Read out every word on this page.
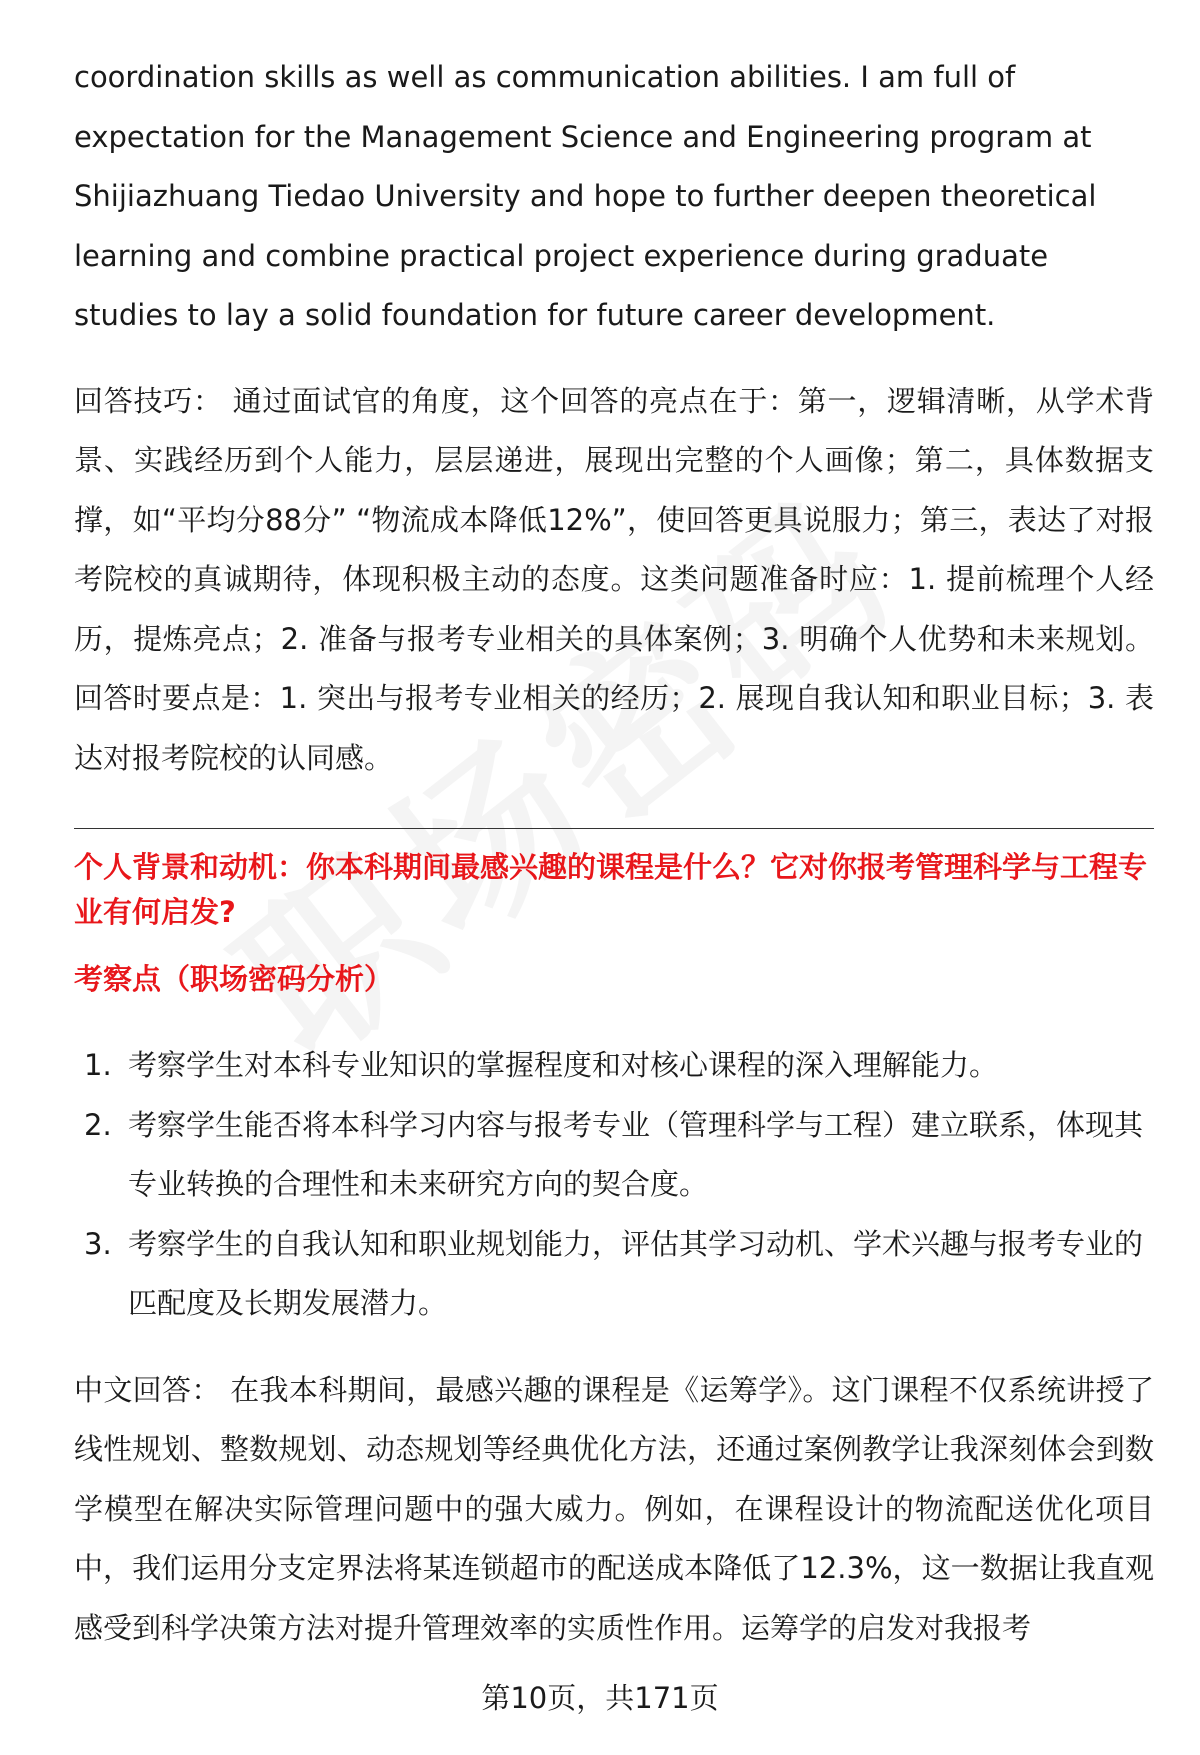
coordination skills as well as communication abilities. I am full of expectation for the Management Science and Engineering program at Shijiazhuang Tiedao University and hope to further deepen theoretical learning and combine practical project experience during graduate studies to lay a solid foundation for future career development.

回答技巧： 通过面试官的角度，这个回答的亮点在于：第一，逻辑清晰，从学术背景、实践经历到个人能力，层层递进，展现出完整的个人画像；第二，具体数据支撑，如“平均分88分” “物流成本降低12%”，使回答更具说服力；第三，表达了对报考院校的真诚期待，体现积极主动的态度。这类问题准备时应：1. 提前梳理个人经历，提炼亮点；2. 准备与报考专业相关的具体案例；3. 明确个人优势和未来规划。回答时要点是：1. 突出与报考专业相关的经历；2. 展现自我认知和职业目标；3. 表达对报考院校的认同感。

个人背景和动机：你本科期间最感兴趣的课程是什么？它对你报考管理科学与工程专业有何启发?
考察点（职场密码分析）
1. 考察学生对本科专业知识的掌握程度和对核心课程的深入理解能力。
2. 考察学生能否将本科学习内容与报考专业（管理科学与工程）建立联系，体现其专业转换的合理性和未来研究方向的契合度。
3. 考察学生的自我认知和职业规划能力，评估其学习动机、学术兴趣与报考专业的匹配度及长期发展潜力。

中文回答： 在我本科期间，最感兴趣的课程是《运筹学》。这门课程不仅系统讲授了线性规划、整数规划、动态规划等经典优化方法，还通过案例教学让我深刻体会到数学模型在解决实际管理问题中的强大威力。例如，在课程设计的物流配送优化项目中，我们运用分支定界法将某连锁超市的配送成本降低了12.3%，这一数据让我直观感受到科学决策方法对提升管理效率的实质性作用。运筹学的启发对我报考

第10页，共171页
